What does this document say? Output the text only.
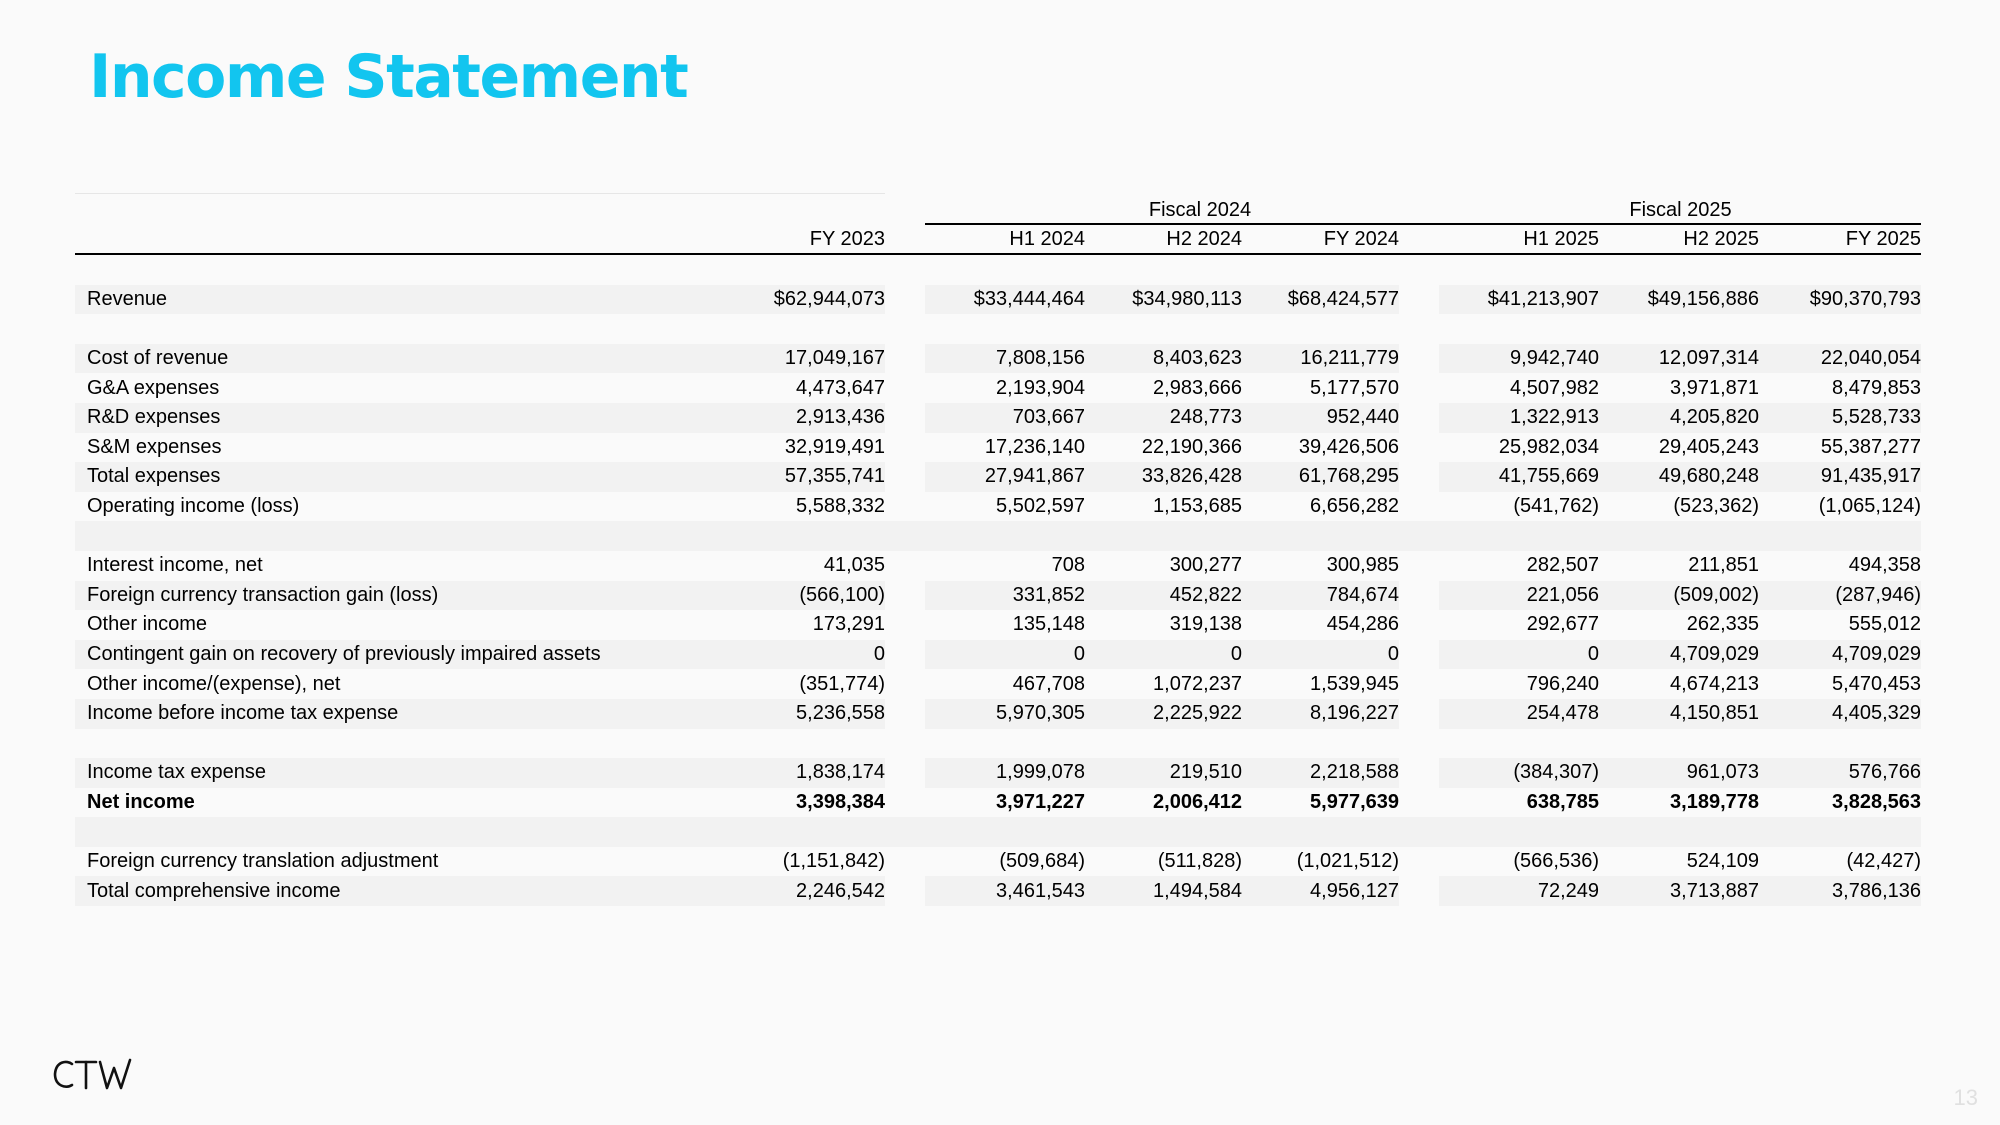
Income Statement
Fiscal 2024	Fiscal 2025
	FY 2023		H1 2024	H2 2024	FY 2024		H1 2025	H2 2025	FY 2025

Revenue	$62,944,073		$33,444,464	$34,980,113	$68,424,577		$41,213,907	$49,156,886	$90,370,793

Cost of revenue	17,049,167		7,808,156	8,403,623	16,211,779		9,942,740	12,097,314	22,040,054
G&A expenses	4,473,647		2,193,904	2,983,666	5,177,570		4,507,982	3,971,871	8,479,853
R&D expenses	2,913,436		703,667	248,773	952,440		1,322,913	4,205,820	5,528,733
S&M expenses	32,919,491		17,236,140	22,190,366	39,426,506		25,982,034	29,405,243	55,387,277
Total expenses	57,355,741		27,941,867	33,826,428	61,768,295		41,755,669	49,680,248	91,435,917
Operating income (loss)	5,588,332		5,502,597	1,153,685	6,656,282		(541,762)	(523,362)	(1,065,124)

Interest income, net	41,035		708	300,277	300,985		282,507	211,851	494,358
Foreign currency transaction gain (loss)	(566,100)		331,852	452,822	784,674		221,056	(509,002)	(287,946)
Other income	173,291		135,148	319,138	454,286		292,677	262,335	555,012
Contingent gain on recovery of previously impaired assets	0		0	0	0		0	4,709,029	4,709,029
Other income/(expense), net	(351,774)		467,708	1,072,237	1,539,945		796,240	4,674,213	5,470,453
Income before income tax expense	5,236,558		5,970,305	2,225,922	8,196,227		254,478	4,150,851	4,405,329

Income tax expense	1,838,174		1,999,078	219,510	2,218,588		(384,307)	961,073	576,766
Net income	3,398,384		3,971,227	2,006,412	5,977,639		638,785	3,189,778	3,828,563

Foreign currency translation adjustment	(1,151,842)		(509,684)	(511,828)	(1,021,512)		(566,536)	524,109	(42,427)
Total comprehensive income	2,246,542		3,461,543	1,494,584	4,956,127		72,249	3,713,887	3,786,136
13
